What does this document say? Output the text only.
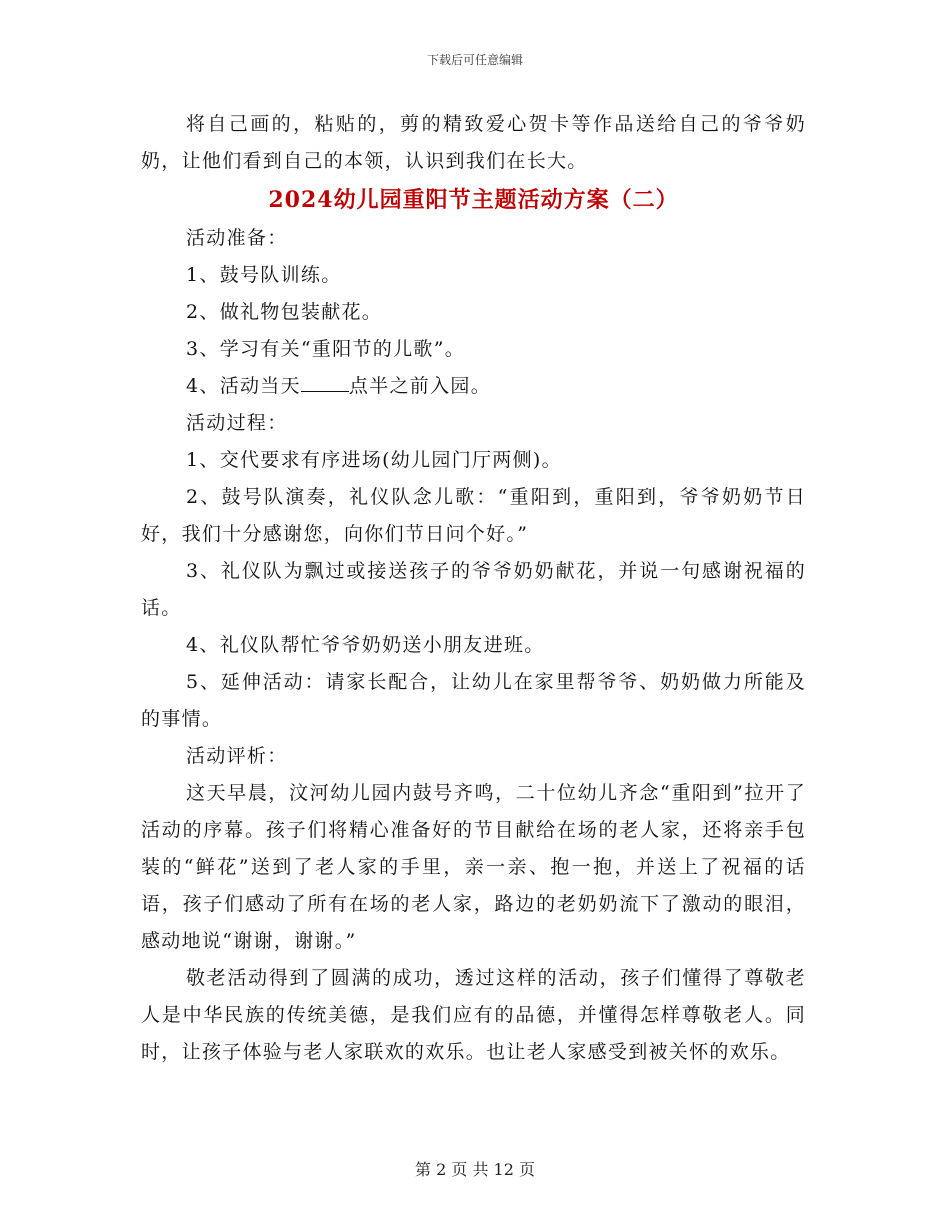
下载后可任意编辑

将自己画的，粘贴的，剪的精致爱心贺卡等作品送给自己的爷爷奶奶，让他们看到自己的本领，认识到我们在长大。

2024幼儿园重阳节主题活动方案（二）

活动准备：

1、鼓号队训练。

2、做礼物包装献花。

3、学习有关“重阳节的儿歌”。

4、活动当天	点半之前入园。

活动过程：

1、交代要求有序进场(幼儿园门厅两侧)。

2、鼓号队演奏，礼仪队念儿歌：“重阳到，重阳到，爷爷奶奶节日好，我们十分感谢您，向你们节日问个好。”

3、礼仪队为飘过或接送孩子的爷爷奶奶献花，并说一句感谢祝福的话。

4、礼仪队帮忙爷爷奶奶送小朋友进班。

5、延伸活动：请家长配合，让幼儿在家里帮爷爷、奶奶做力所能及的事情。

活动评析：

这天早晨，汶河幼儿园内鼓号齐鸣，二十位幼儿齐念“重阳到”拉开了活动的序幕。孩子们将精心准备好的节目献给在场的老人家，还将亲手包装的“鲜花”送到了老人家的手里，亲一亲、抱一抱，并送上了祝福的话语，孩子们感动了所有在场的老人家，路边的老奶奶流下了激动的眼泪，感动地说“谢谢，谢谢。”

敬老活动得到了圆满的成功，透过这样的活动，孩子们懂得了尊敬老人是中华民族的传统美德，是我们应有的品德，并懂得怎样尊敬老人。同时，让孩子体验与老人家联欢的欢乐。也让老人家感受到被关怀的欢乐。

第 2 页 共 12 页
